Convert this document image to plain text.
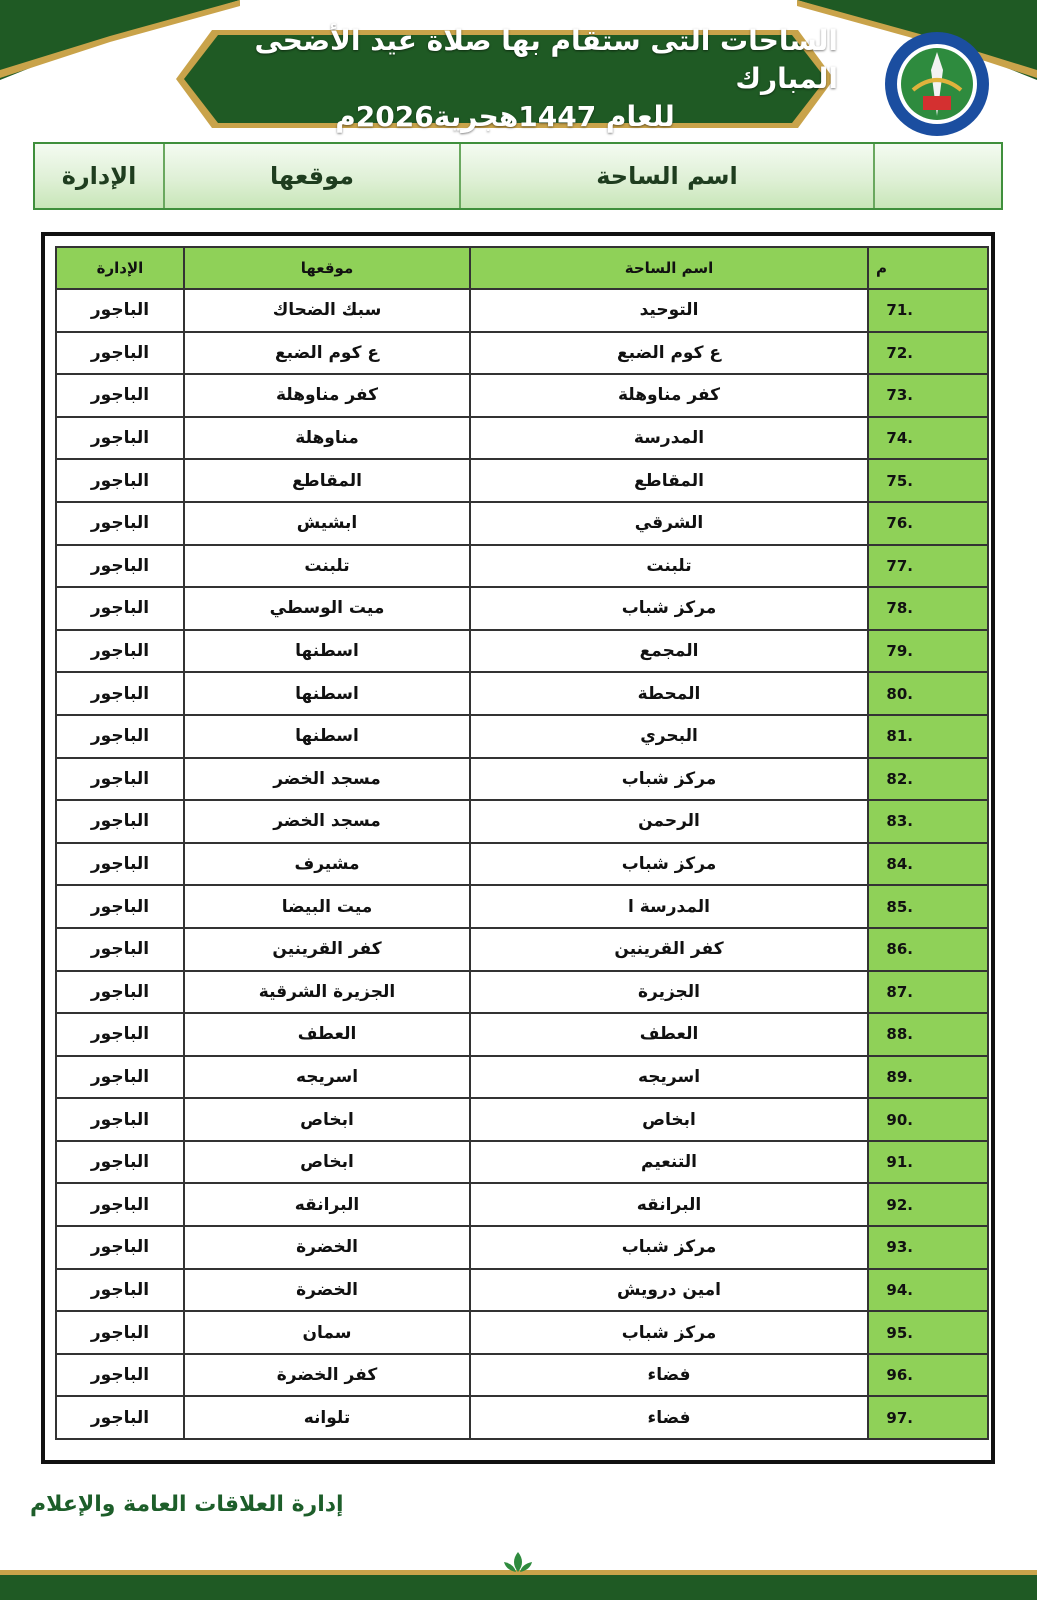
الساحات التى ستقام بها صلاة عيد الأضحى المبارك
للعام 1447هجرية2026م
اسم الساحة
موقعها
الإدارة
م	اسم الساحة	موقعها	الإدارة
71.	التوحيد	سبك الضحاك	الباجور
72.	ع كوم الضبع	ع كوم الضبع	الباجور
73.	كفر مناوهلة	كفر مناوهلة	الباجور
74.	المدرسة	مناوهلة	الباجور
75.	المقاطع	المقاطع	الباجور
76.	الشرقي	ابشيش	الباجور
77.	تلبنت	تلبنت	الباجور
78.	مركز شباب	ميت الوسطي	الباجور
79.	المجمع	اسطنها	الباجور
80.	المحطة	اسطنها	الباجور
81.	البحري	اسطنها	الباجور
82.	مركز شباب	مسجد الخضر	الباجور
83.	الرحمن	مسجد الخضر	الباجور
84.	مركز شباب	مشيرف	الباجور
85.	المدرسة ا	ميت البيضا	الباجور
86.	كفر القرينين	كفر القرينين	الباجور
87.	الجزيرة	الجزيرة الشرقية	الباجور
88.	العطف	العطف	الباجور
89.	اسريجه	اسريجه	الباجور
90.	ابخاص	ابخاص	الباجور
91.	التنعيم	ابخاص	الباجور
92.	البرانقه	البرانقه	الباجور
93.	مركز شباب	الخضرة	الباجور
94.	امين درويش	الخضرة	الباجور
95.	مركز شباب	سمان	الباجور
96.	فضاء	كفر الخضرة	الباجور
97.	فضاء	تلوانه	الباجور
إدارة العلاقات العامة والإعلام
